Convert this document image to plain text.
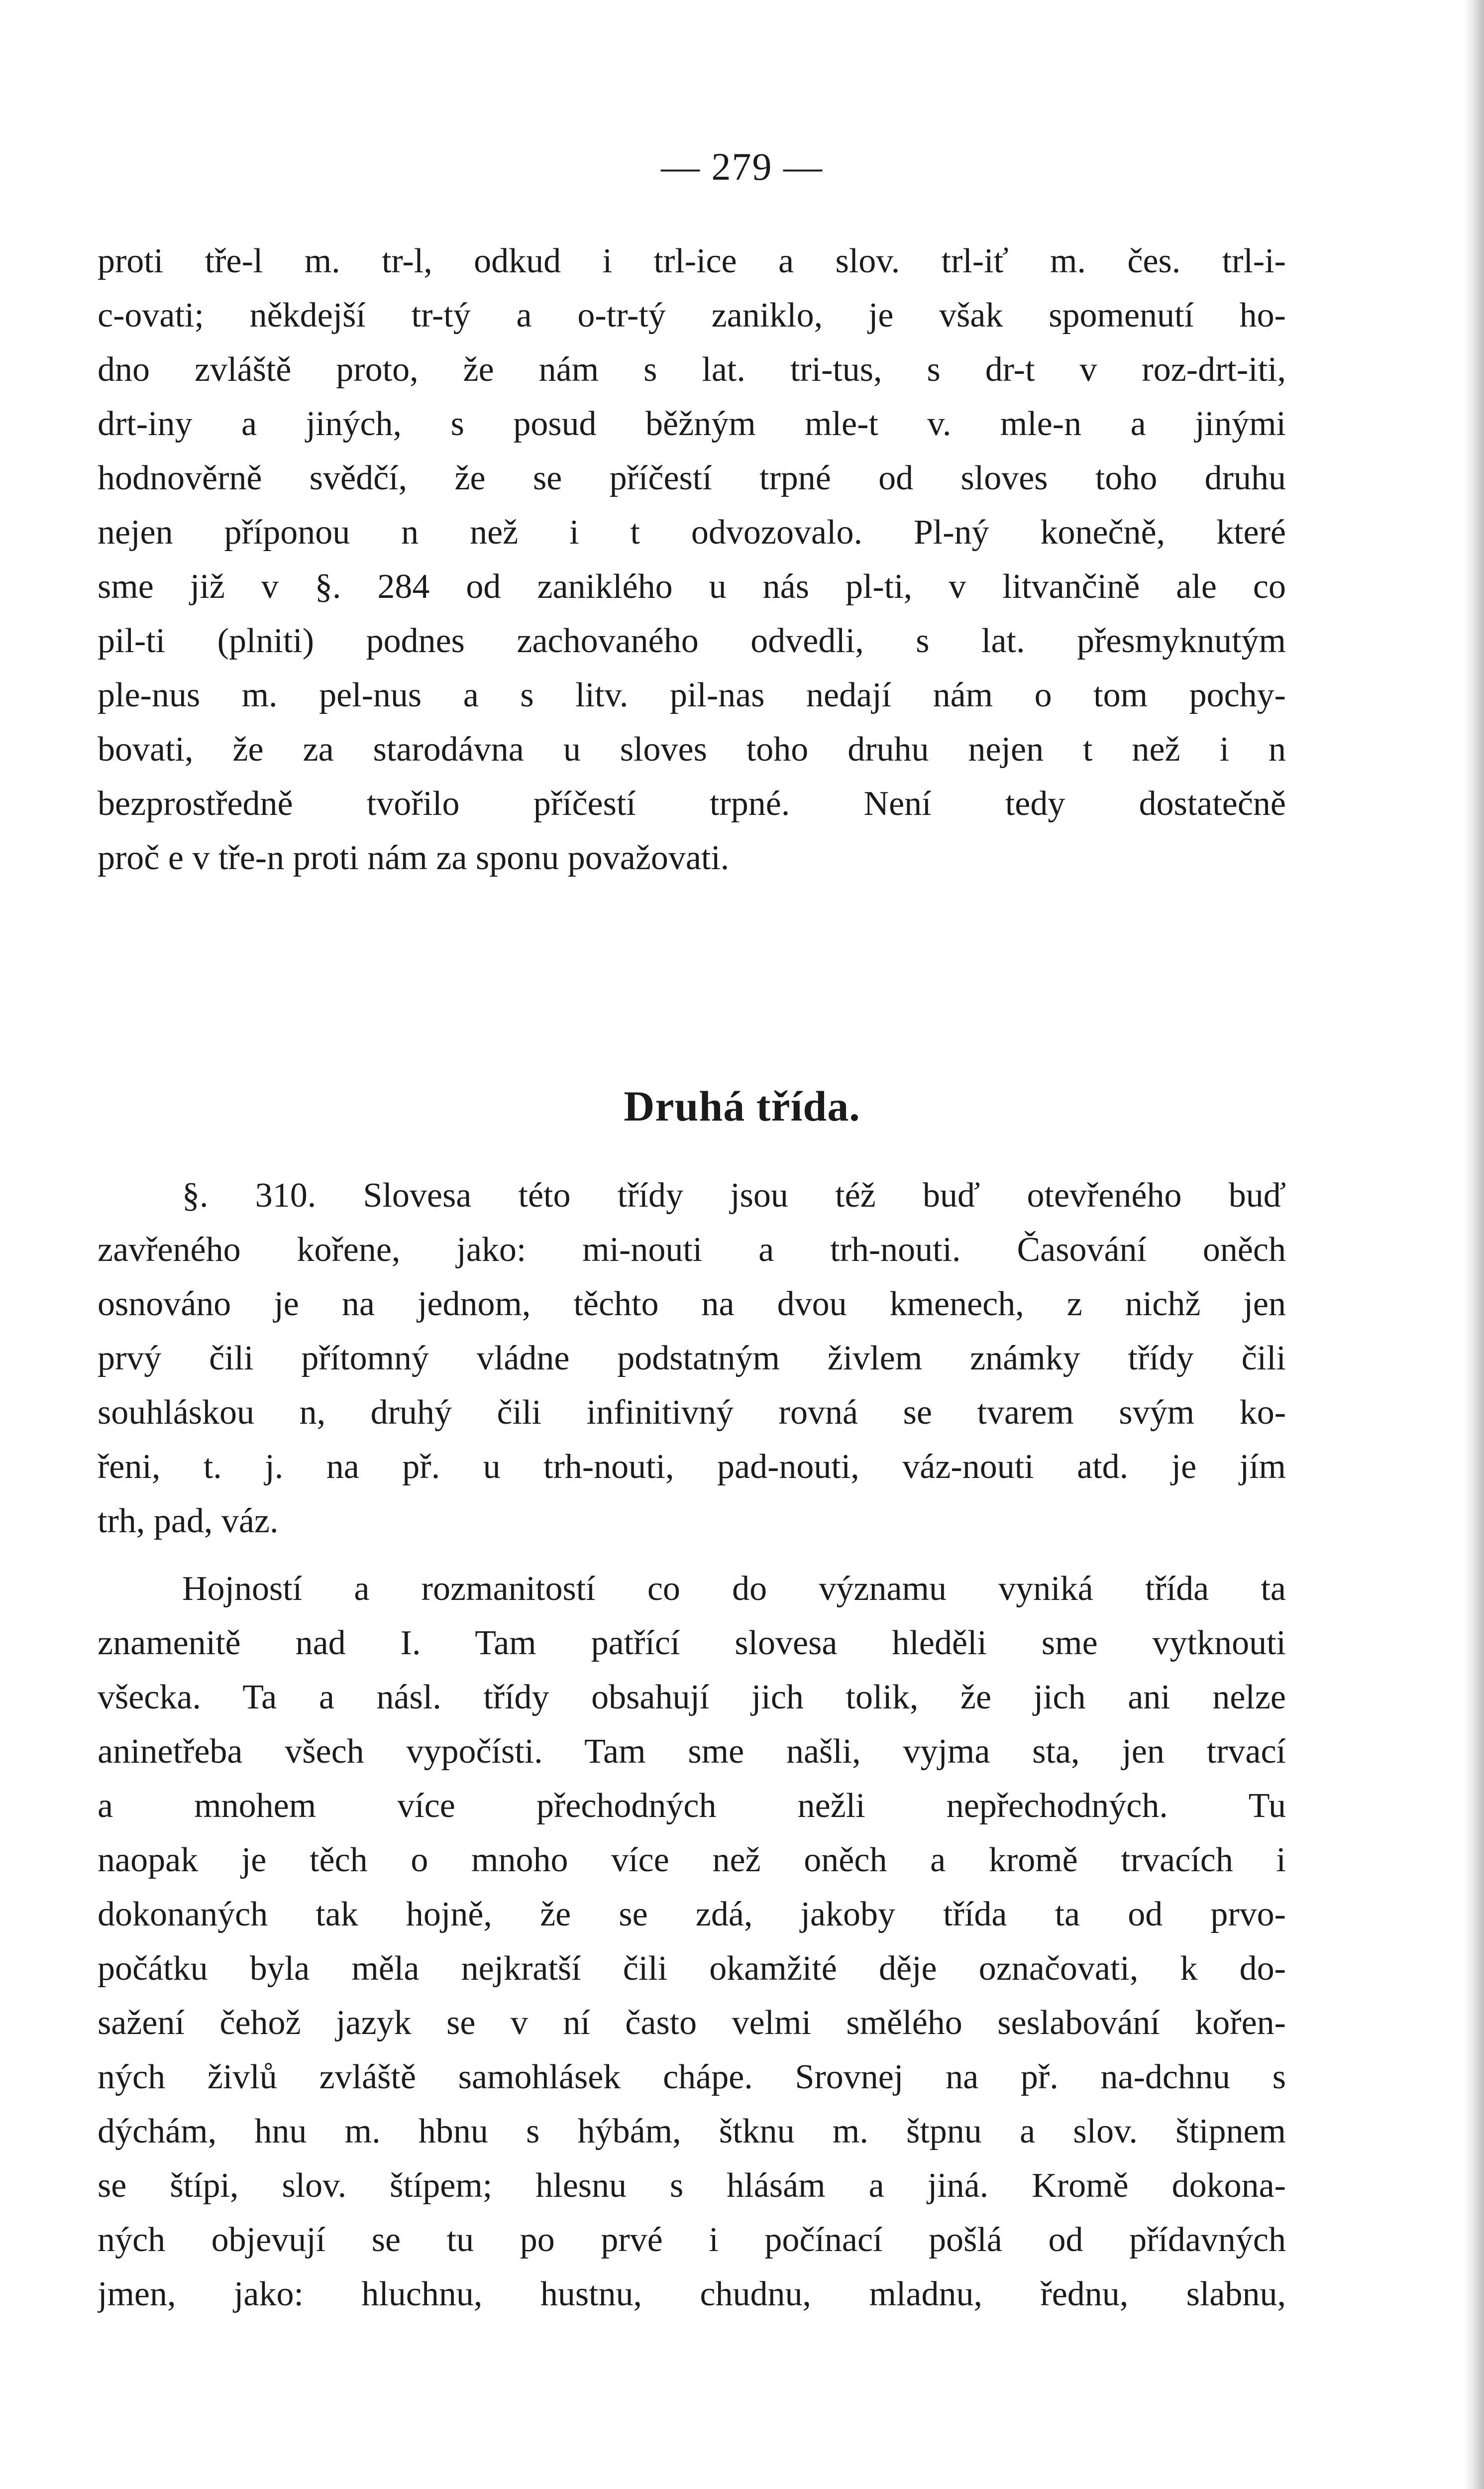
— 279 —
proti tře-l m. tr-l, odkud i trl-ice a slov. trl-iť m. čes. trl-i-
c-ovati; někdejší tr-tý a o-tr-tý zaniklo, je však spomenutí ho-
dno zvláště proto, že nám s lat. tri-tus, s dr-t v roz-drt-iti,
drt-iny a jiných, s posud běžným mle-t v. mle-n a jinými
hodnověrně svědčí, že se příčestí trpné od sloves toho druhu
nejen příponou n než i t odvozovalo. Pl-ný konečně, které
sme již v §. 284 od zaniklého u nás pl-ti, v litvančině ale co
pil-ti (plniti) podnes zachovaného odvedli, s lat. přesmyknutým
ple-nus m. pel-nus a s litv. pil-nas nedají nám o tom pochy-
bovati, že za starodávna u sloves toho druhu nejen t než i n
bezprostředně tvořilo příčestí trpné. Není tedy dostatečně
proč e v tře-n proti nám za sponu považovati.
Druhá třída.
§. 310. Slovesa této třídy jsou též buď otevřeného buď
zavřeného kořene, jako: mi-nouti a trh-nouti. Časování oněch
osnováno je na jednom, těchto na dvou kmenech, z nichž jen
prvý čili přítomný vládne podstatným živlem známky třídy čili
souhláskou n, druhý čili infinitivný rovná se tvarem svým ko-
řeni, t. j. na př. u trh-nouti, pad-nouti, váz-nouti atd. je jím
trh, pad, váz.
Hojností a rozmanitostí co do významu vyniká třída ta
znamenitě nad I. Tam patřící slovesa hleděli sme vytknouti
všecka. Ta a násl. třídy obsahují jich tolik, že jich ani nelze
aninetřeba všech vypočísti. Tam sme našli, vyjma sta, jen trvací
a mnohem více přechodných nežli nepřechodných. Tu
naopak je těch o mnoho více než oněch a kromě trvacích i
dokonaných tak hojně, že se zdá, jakoby třída ta od prvo-
počátku byla měla nejkratší čili okamžité děje označovati, k do-
sažení čehož jazyk se v ní často velmi smělého seslabování kořen-
ných živlů zvláště samohlásek chápe. Srovnej na př. na-dchnu s
dýchám, hnu m. hbnu s hýbám, štknu m. štpnu a slov. štipnem
se štípi, slov. štípem; hlesnu s hlásám a jiná. Kromě dokona-
ných objevují se tu po prvé i počínací pošlá od přídavných
jmen, jako: hluchnu, hustnu, chudnu, mladnu, řednu, slabnu,
